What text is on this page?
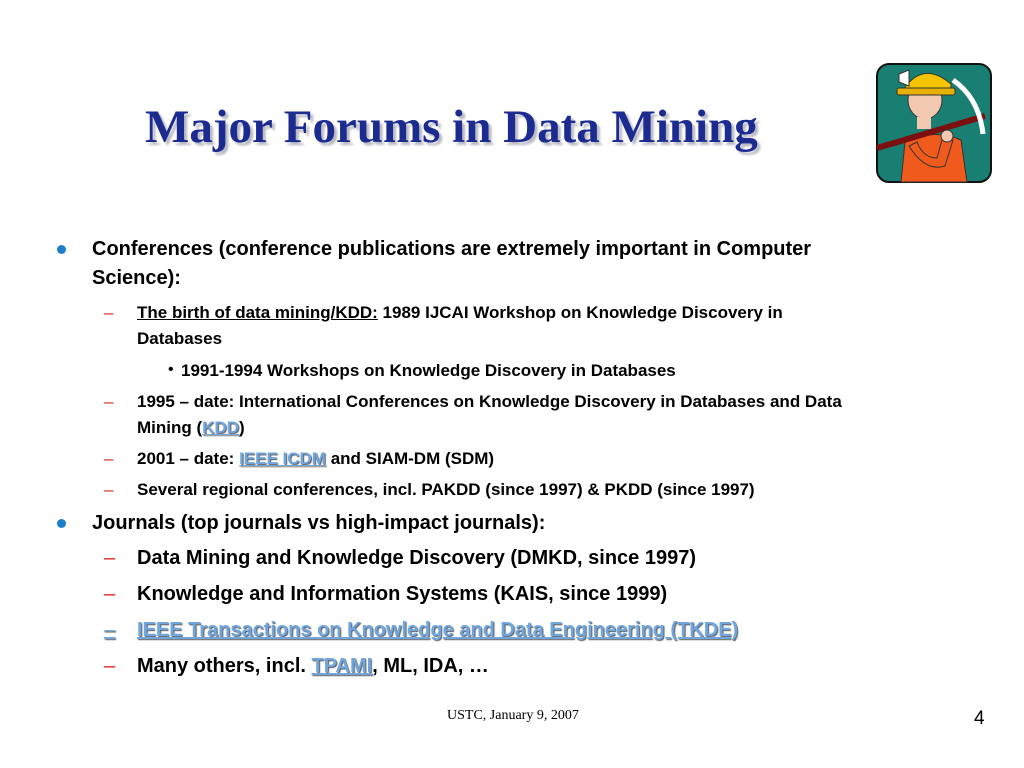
Major Forums in Data Mining
Conferences (conference publications are extremely important in Computer
Science):
– The birth of data mining/KDD: 1989 IJCAI Workshop on Knowledge Discovery in
Databases
• 1991-1994 Workshops on Knowledge Discovery in Databases
– 1995 – date: International Conferences on Knowledge Discovery in Databases and Data
Mining (KDD)
– 2001 – date: IEEE ICDM and SIAM-DM (SDM)
– Several regional conferences, incl. PAKDD (since 1997) & PKDD (since 1997)
Journals (top journals vs high-impact journals):
– Data Mining and Knowledge Discovery (DMKD, since 1997)
– Knowledge and Information Systems (KAIS, since 1999)
– IEEE Transactions on Knowledge and Data Engineering (TKDE)
– Many others, incl. TPAMI, ML, IDA, …
USTC, January 9, 2007	4
